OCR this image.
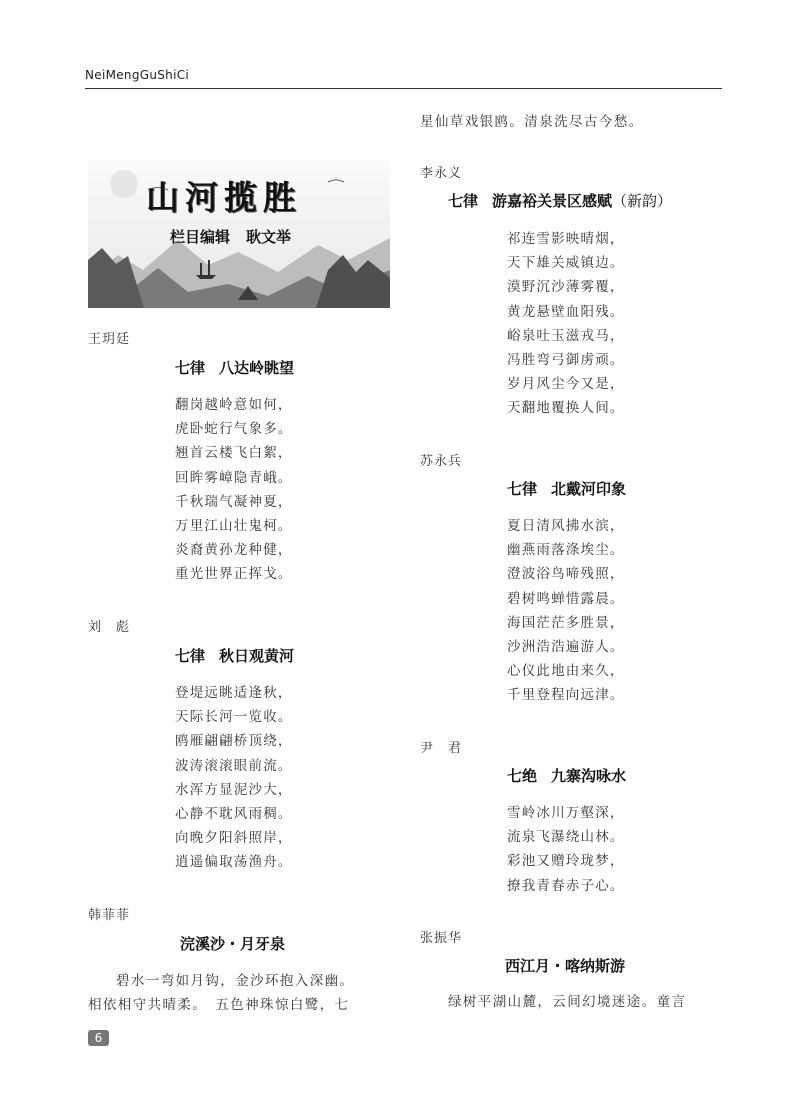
NeiMengGuShiCi
山河揽胜
栏目编辑 耿文举
王玥廷
七律 八达岭眺望
翻岗越岭意如何，
虎卧蛇行气象多。
翘首云楼飞白絮，
回眸雾嶂隐青峨。
千秋瑞气凝神夏，
万里江山壮鬼柯。
炎裔黄孙龙种健，
重光世界正挥戈。
刘　彪
七律 秋日观黄河
登堤远眺适逢秋，
天际长河一览收。
鸥雁翩翩桥顶绕，
波涛滚滚眼前流。
水浑方显泥沙大，
心静不耽风雨稠。
向晚夕阳斜照岸，
逍遥偏取荡渔舟。
韩菲菲
浣溪沙・月牙泉
碧水一弯如月钩，金沙环抱入深幽。
相依相守共晴柔。　五色神珠惊白鹭，七
星仙草戏银鸥。清泉洗尽古今愁。
李永义
七律 游嘉裕关景区感赋（新韵）
祁连雪影映晴烟，
天下雄关威镇边。
漠野沉沙薄雾覆，
黄龙悬壁血阳残。
峪泉吐玉滋戎马，
冯胜弯弓御虏顽。
岁月风尘今又是，
天翻地覆换人间。
苏永兵
七律 北戴河印象
夏日清风拂水滨，
幽燕雨落涤埃尘。
澄波浴鸟啼残照，
碧树鸣蝉惜露晨。
海国茫茫多胜景，
沙洲浩浩遍游人。
心仪此地由来久，
千里登程向远津。
尹　君
七绝 九寨沟咏水
雪岭冰川万壑深，
流泉飞瀑绕山林。
彩池又赠玲珑梦，
撩我青春赤子心。
张振华
西江月・喀纳斯游
绿树平湖山麓，云间幻境迷途。童言
6
